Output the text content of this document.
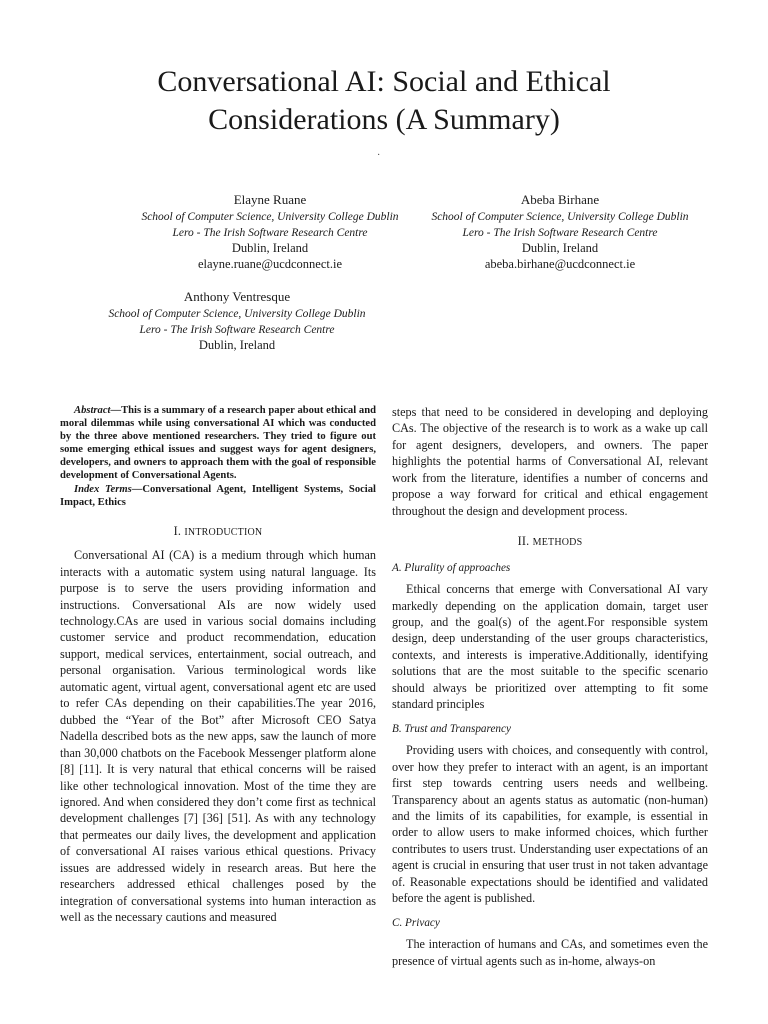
Conversational AI: Social and Ethical
Considerations (A Summary)
·
Elayne Ruane
School of Computer Science, University College Dublin
Lero - The Irish Software Research Centre
Dublin, Ireland
elayne.ruane@ucdconnect.ie
Abeba Birhane
School of Computer Science, University College Dublin
Lero - The Irish Software Research Centre
Dublin, Ireland
abeba.birhane@ucdconnect.ie
Anthony Ventresque
School of Computer Science, University College Dublin
Lero - The Irish Software Research Centre
Dublin, Ireland

Abstract—This is a summary of a research paper about ethical and moral dilemmas while using conversational AI which was conducted by the three above mentioned researchers. They tried to figure out some emerging ethical issues and suggest ways for agent designers, developers, and owners to approach them with the goal of responsible development of Conversational Agents.

Index Terms—Conversational Agent, Intelligent Systems, Social Impact, Ethics

I. INTRODUCTION

Conversational AI (CA) is a medium through which human interacts with a automatic system using natural language. Its purpose is to serve the users providing information and instructions. Conversational AIs are now widely used technology.CAs are used in various social domains including customer service and product recommendation, education support, medical services, entertainment, social outreach, and personal organisation. Various terminological words like automatic agent, virtual agent, conversational agent etc are used to refer CAs depending on their capabilities.The year 2016, dubbed the “Year of the Bot” after Microsoft CEO Satya Nadella described bots as the new apps, saw the launch of more than 30,000 chatbots on the Facebook Messenger platform alone [8] [11]. It is very natural that ethical concerns will be raised like other technological innovation. Most of the time they are ignored. And when considered they don’t come first as technical development challenges [7] [36] [51]. As with any technology that permeates our daily lives, the development and application of conversational AI raises various ethical questions. Privacy issues are addressed widely in research areas. But here the researchers addressed ethical challenges posed by the integration of conversational systems into human interaction as well as the necessary cautions and measured

steps that need to be considered in developing and deploying CAs. The objective of the research is to work as a wake up call for agent designers, developers, and owners. The paper highlights the potential harms of Conversational AI, relevant work from the literature, identifies a number of concerns and propose a way forward for critical and ethical engagement throughout the design and development process.

II. METHODS
A. Plurality of approaches

Ethical concerns that emerge with Conversational AI vary markedly depending on the application domain, target user group, and the goal(s) of the agent.For responsible system design, deep understanding of the user groups characteristics, contexts, and interests is imperative.Additionally, identifying solutions that are the most suitable to the specific scenario should always be prioritized over attempting to fit some standard principles

B. Trust and Transparency

Providing users with choices, and consequently with control, over how they prefer to interact with an agent, is an important first step towards centring users needs and wellbeing. Transparency about an agents status as automatic (non-human) and the limits of its capabilities, for example, is essential in order to allow users to make informed choices, which further contributes to users trust. Understanding user expectations of an agent is crucial in ensuring that user trust in not taken advantage of. Reasonable expectations should be identified and validated before the agent is published.

C. Privacy

The interaction of humans and CAs, and sometimes even the presence of virtual agents such as in-home, always-on
